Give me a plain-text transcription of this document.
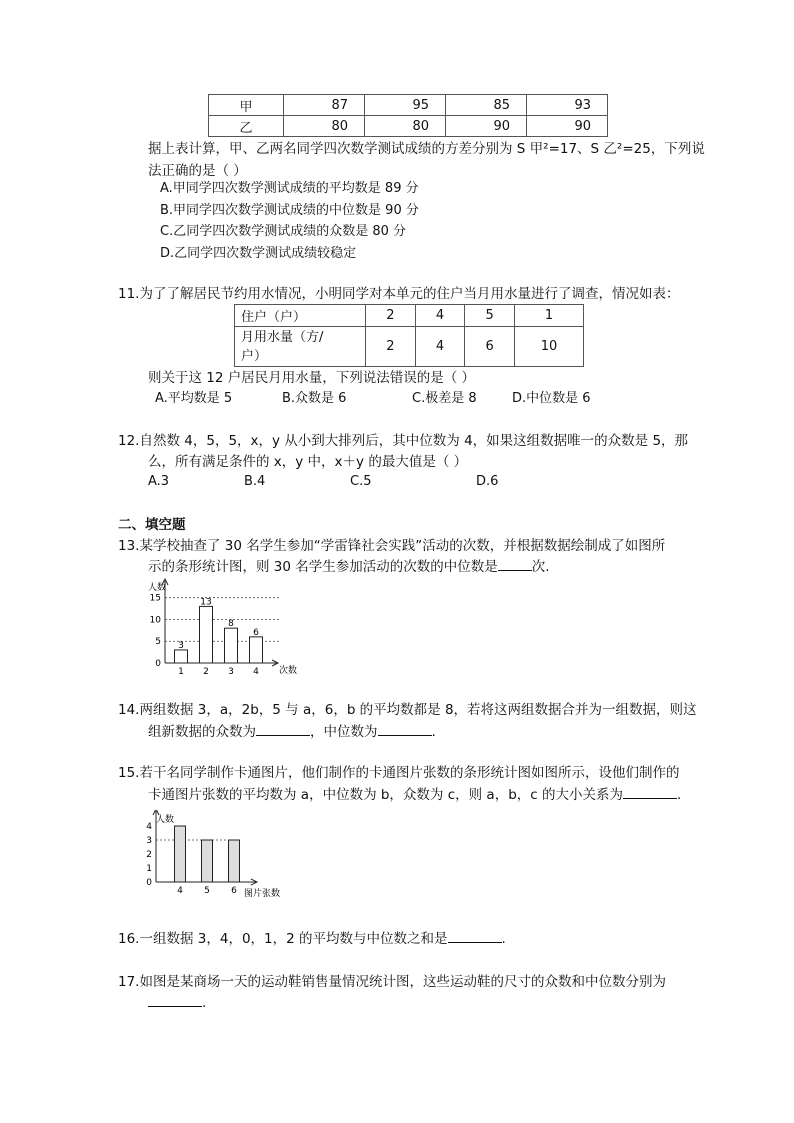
甲	87	95	85	93
乙	80	80	90	90
据上表计算，甲、乙两名同学四次数学测试成绩的方差分别为 S 甲²=17、S 乙²=25，下列说
法正确的是（ ）
A.甲同学四次数学测试成绩的平均数是 89 分
B.甲同学四次数学测试成绩的中位数是 90 分
C.乙同学四次数学测试成绩的众数是 80 分
D.乙同学四次数学测试成绩较稳定
11.为了了解居民节约用水情况，小明同学对本单元的住户当月用水量进行了调查，情况如表：
住户（户）	2	4	5	1

月用水量（方/
户）	2	4	6	10
则关于这 12 户居民月用水量，下列说法错误的是（ ）
A.平均数是 5	B.众数是 6	C.极差是 8	D.中位数是 6
12.自然数 4，5，5，x，y 从小到大排列后，其中位数为 4，如果这组数据唯一的众数是 5，那
么，所有满足条件的 x，y 中，x＋y 的最大值是（ ）
A.3	B.4	C.5	D.6
二、填空题
13.某学校抽查了 30 名学生参加“学雷锋社会实践”活动的次数，并根据数据绘制成了如图所
示的条形统计图，则 30 名学生参加活动的次数的中位数是	次.
人数
次数
0
5
10
15
1
3
2
13
3
8
4
6
14.两组数据 3，a，2b，5 与 a，6，b 的平均数都是 8，若将这两组数据合并为一组数据，则这
组新数据的众数为	，中位数为	.
15.若干名同学制作卡通图片，他们制作的卡通图片张数的条形统计图如图所示，设他们制作的
卡通图片张数的平均数为 a，中位数为 b，众数为 c，则 a，b，c 的大小关系为	.
人数
图片张数
0
1
2
3
4
4 5 6
16.一组数据 3，4，0，1，2 的平均数与中位数之和是	.
17.如图是某商场一天的运动鞋销售量情况统计图，这些运动鞋的尺寸的众数和中位数分别为
.
